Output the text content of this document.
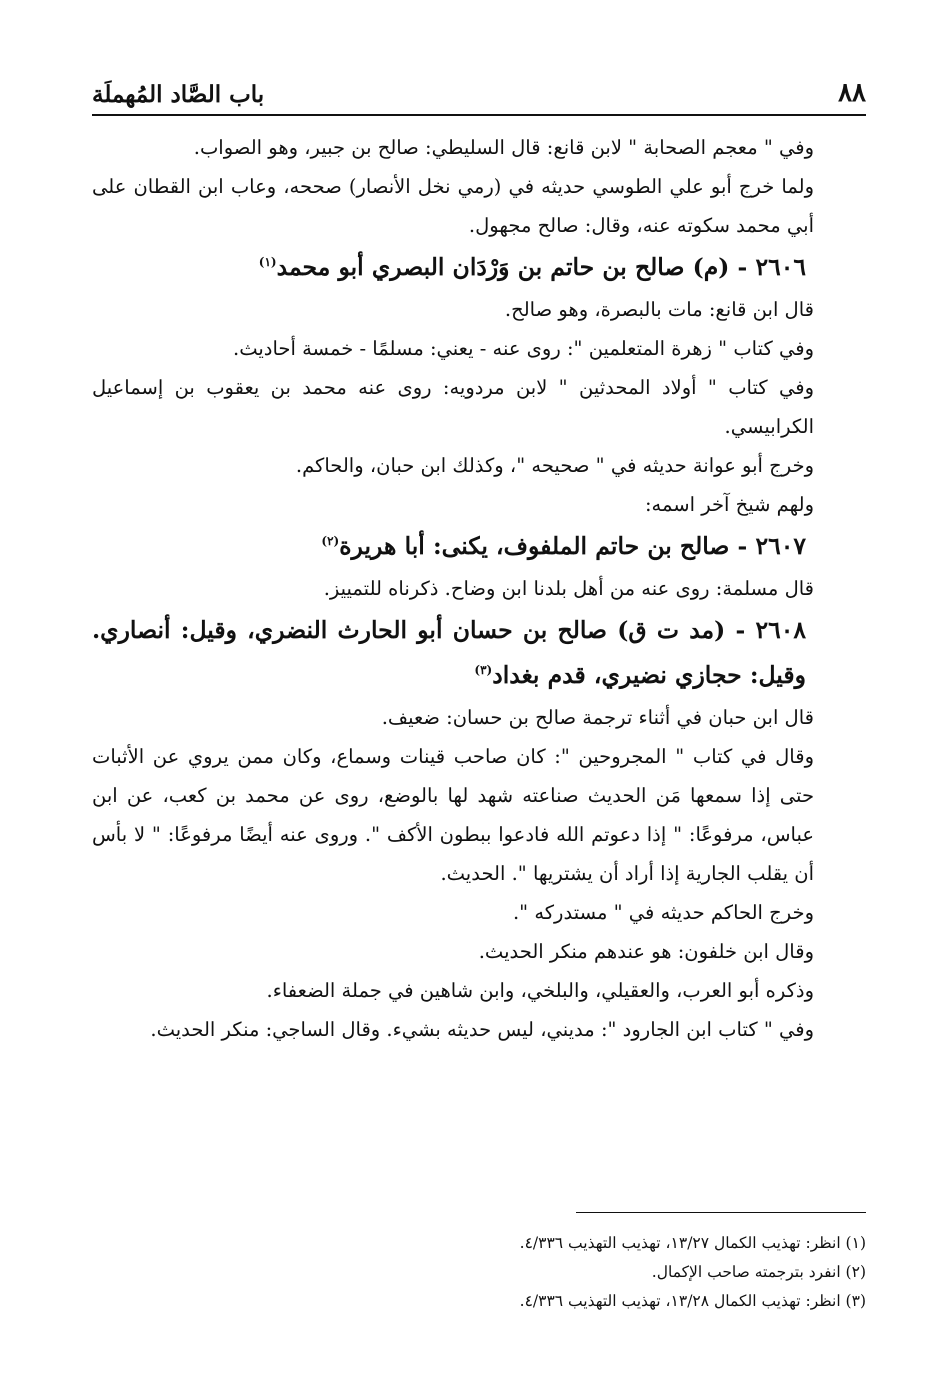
٨٨
باب الصَّاد المُهملَة

وفي " معجم الصحابة " لابن قانع: قال السليطي: صالح بن جبير، وهو الصواب.

ولما خرج أبو علي الطوسي حديثه في (رمي نخل الأنصار) صححه، وعاب ابن القطان على أبي محمد سكوته عنه، وقال: صالح مجهول.

٢٦٠٦ - (م) صالح بن حاتم بن وَرْدَان البصري أبو محمد$^{(١)}$

قال ابن قانع: مات بالبصرة، وهو صالح.

وفي كتاب " زهرة المتعلمين ": روى عنه - يعني: مسلمًا - خمسة أحاديث.

وفي كتاب " أولاد المحدثين " لابن مردويه: روى عنه محمد بن يعقوب بن إسماعيل الكرابيسي.

وخرج أبو عوانة حديثه في " صحيحه "، وكذلك ابن حبان، والحاكم.

ولهم شيخ آخر اسمه:

٢٦٠٧ - صالح بن حاتم الملفوف، يكنى: أبا هريرة$^{(٢)}$

قال مسلمة: روى عنه من أهل بلدنا ابن وضاح. ذكرناه للتمييز.

٢٦٠٨ - (مد ت ق) صالح بن حسان أبو الحارث النضري، وقيل: أنصاري. وقيل: حجازي نضيري، قدم بغداد$^{(٣)}$

قال ابن حبان في أثناء ترجمة صالح بن حسان: ضعيف.

وقال في كتاب " المجروحين ": كان صاحب قينات وسماع، وكان ممن يروي عن الأثبات حتى إذا سمعها مَن الحديث صناعته شهد لها بالوضع، روى عن محمد بن كعب، عن ابن عباس، مرفوعًا: " إذا دعوتم الله فادعوا ببطون الأكف ". وروى عنه أيضًا مرفوعًا: " لا بأس أن يقلب الجارية إذا أراد أن يشتريها ". الحديث.

وخرج الحاكم حديثه في " مستدركه ".

وقال ابن خلفون: هو عندهم منكر الحديث.

وذكره أبو العرب، والعقيلي، والبلخي، وابن شاهين في جملة الضعفاء.

وفي " كتاب ابن الجارود ": مديني، ليس حديثه بشيء. وقال الساجي: منكر الحديث.

(١) انظر: تهذيب الكمال ١٣/٢٧، تهذيب التهذيب ٤/٣٣٦.

(٢) انفرد بترجمته صاحب الإكمال.

(٣) انظر: تهذيب الكمال ١٣/٢٨، تهذيب التهذيب ٤/٣٣٦.
